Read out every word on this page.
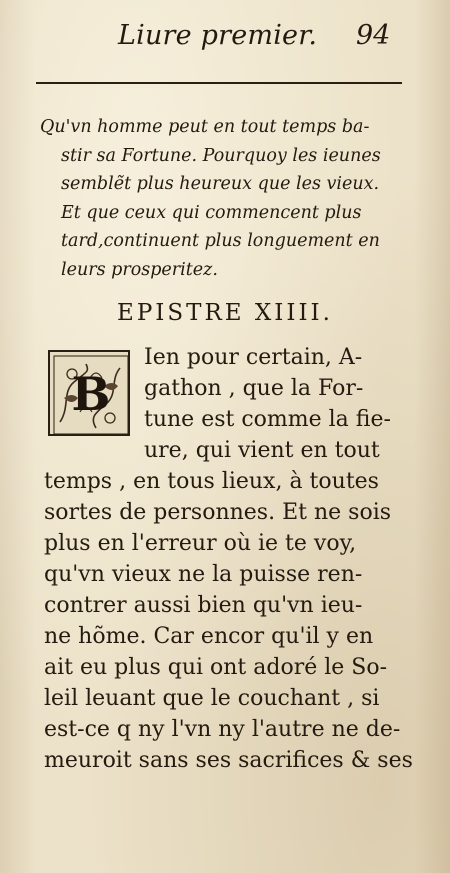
Liure premier. 94
Qu'vn homme peut en tout temps ba-
stir sa Fortune. Pourquoy les ieunes
semblẽt plus heureux que les vieux.
Et que ceux qui commencent plus
tard,continuent plus longuement en
leurs prosperitez.
EPISTRE XIIII.
B
Ien pour certain, A-
gathon , que la For-
tune est comme la fie-
ure, qui vient en tout
temps , en tous lieux, à toutes
sortes de personnes. Et ne sois
plus en l'erreur où ie te voy,
qu'vn vieux ne la puisse ren-
contrer aussi bien qu'vn ieu-
ne hõme. Car encor qu'il y en
ait eu plus qui ont adoré le So-
leil leuant que le couchant , si
est-ce q ny l'vn ny l'autre ne de-
meuroit sans ses sacrifices & ses
